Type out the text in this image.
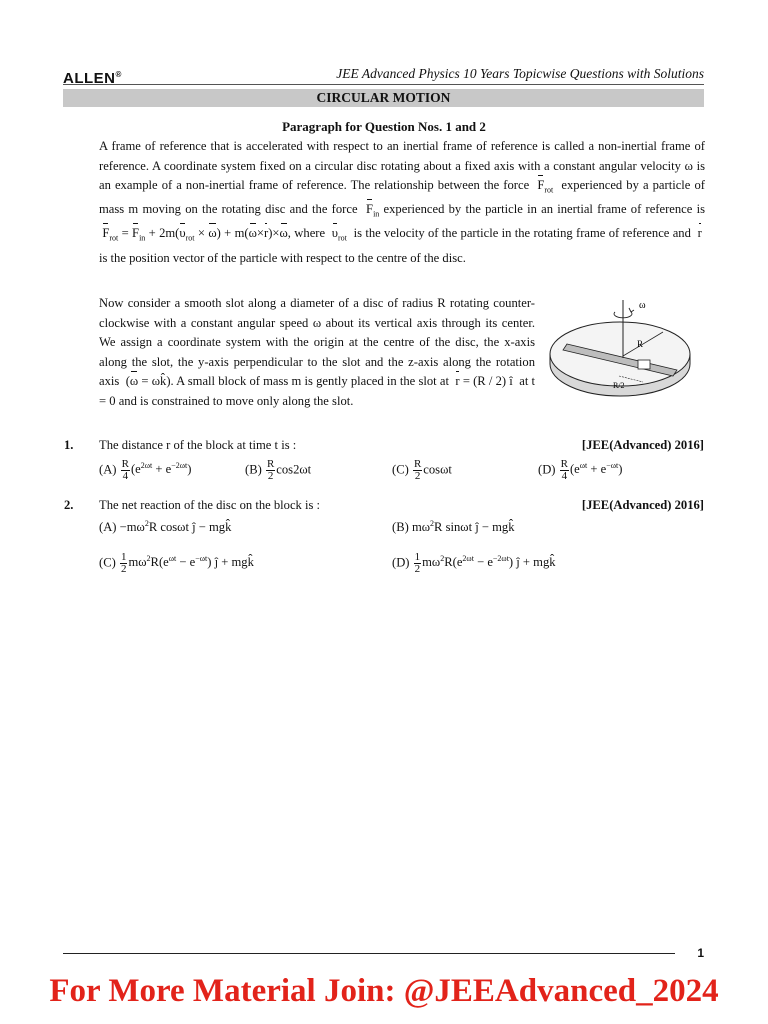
ALLEN®	JEE Advanced Physics 10 Years Topicwise Questions with Solutions
CIRCULAR MOTION
Paragraph for Question Nos. 1 and 2
A frame of reference that is accelerated with respect to an inertial frame of reference is called a non-inertial frame of reference. A coordinate system fixed on a circular disc rotating about a fixed axis with a constant angular velocity ω is an example of a non-inertial frame of reference. The relationship between the force $F_{rot}$ experienced by a particle of mass m moving on the rotating disc and the force $F_{in}$ experienced by the particle in an inertial frame of reference is  $F_{rot} = F_{in} + 2m(\upsilon_{rot} \times \omega) + m(\omega\times r)\times\omega$, where $\upsilon_{rot}$ is the velocity of the particle in the rotating frame of reference and r  is the position vector of the particle with respect to the centre of the disc.
Now consider a smooth slot along a diameter of a disc of radius R rotating counter-clockwise with a constant angular speed ω about its vertical axis through its center. We assign a coordinate system with the origin at the centre of the disc, the x-axis along the slot, the y-axis perpendicular to the slot and the z-axis along the rotation axis  (ω = ωk̂). A small block of mass m is gently placed in the slot at r = (R / 2) î  at t = 0 and is constrained to move only along the slot.
ω
R
R/2
1. The distance r of the block at time t is :	[JEE(Advanced) 2016]
$(A) \frac{R}{4} (e^{2\omega t} + e^{-2\omega t})$	$(B) \frac{R}{2} \cos 2\omega t$	$(C) \frac{R}{2}$ cosωt	$(D) \frac{R}{4} (e^{\omega t} + e^{-\omega t})$
2. The net reaction of the disc on the block is :	[JEE(Advanced) 2016]
$(A) -m\omega^2R$ cosωt ĵ − mgk̂	(B) $m\omega^2R$ sinωt ĵ − mgk̂
$(C) \frac{1}{2} m\omega^2R(e^{\omega t} - e^{-\omega t})$ ĵ + mgk̂	$(D) \frac{1}{2} m\omega^2R(e^{2\omega t} - e^{-2\omega t})$ ĵ + mgk̂
1
For More Material Join: @JEEAdvanced_2024
